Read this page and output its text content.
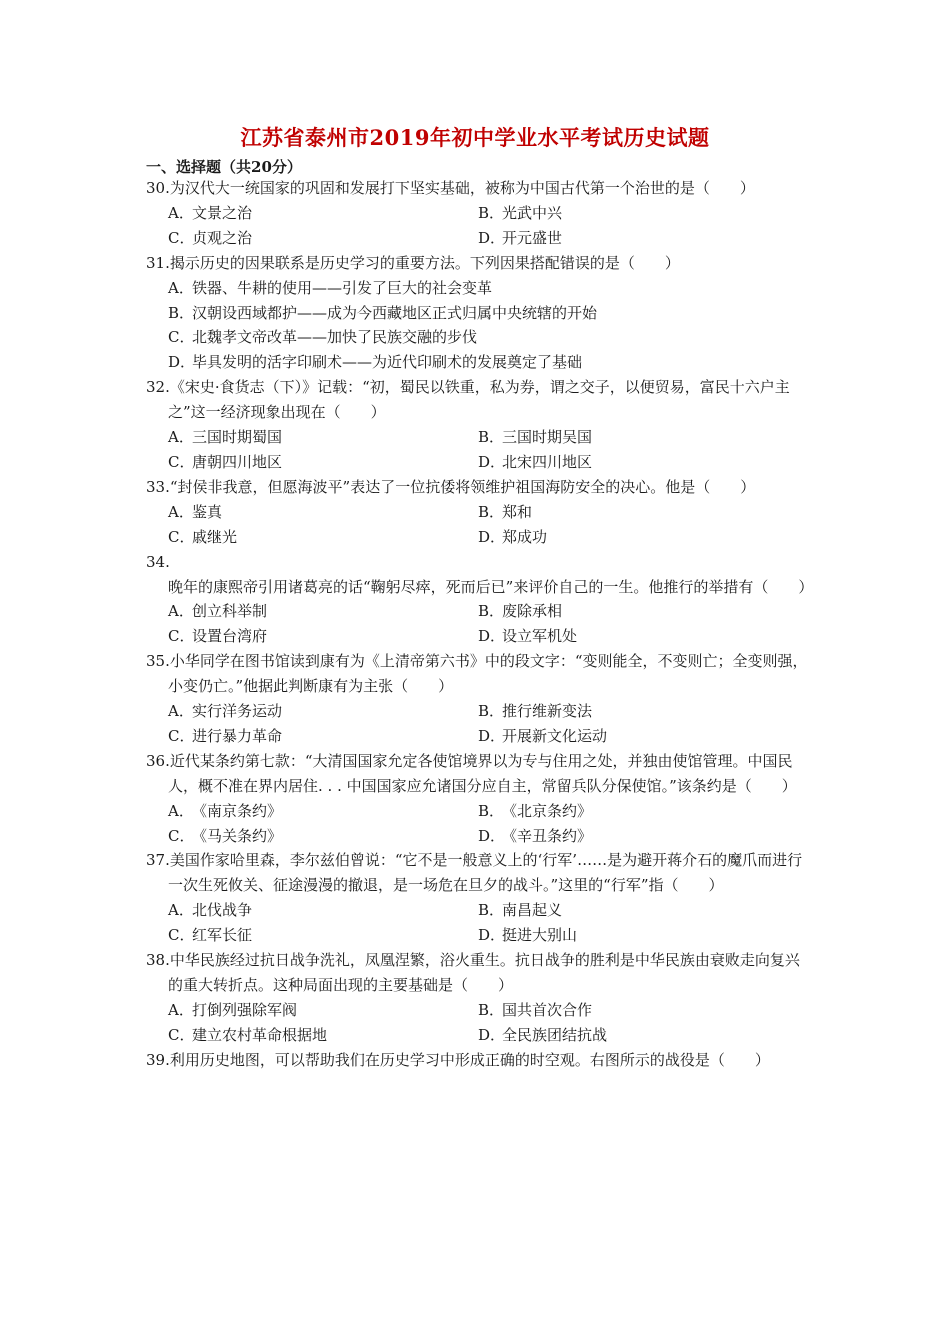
江苏省泰州市2019年初中学业水平考试历史试题
一、选择题（共20分）
30.为汉代大一统国家的巩固和发展打下坚实基础，被称为中国古代第一个治世的是（　　）
A．文景之治	B．光武中兴
C．贞观之治	D．开元盛世
31.揭示历史的因果联系是历史学习的重要方法。下列因果搭配错误的是（　　）
A．铁器、牛耕的使用——引发了巨大的社会变革
B．汉朝设西域都护——成为今西藏地区正式归属中央统辖的开始
C．北魏孝文帝改革——加快了民族交融的步伐
D．毕具发明的活字印刷术——为近代印刷术的发展奠定了基础
32.《宋史·食货志（下）》记载：“初，蜀民以铁重，私为券，谓之交子，以便贸易，富民十六户主之”这一经济现象出现在（　　）
A．三国时期蜀国	B．三国时期吴国
C．唐朝四川地区	D．北宋四川地区
33.“封侯非我意，但愿海波平”表达了一位抗倭将领维护祖国海防安全的决心。他是（　　）
A．鉴真	B．郑和
C．戚继光	D．郑成功
34.晚年的康熙帝引用诸葛亮的话“鞠躬尽瘁，死而后已”来评价自己的一生。他推行的举措有（　　）
A．创立科举制	B．废除承相
C．设置台湾府	D．设立军机处
35.小华同学在图书馆读到康有为《上清帝第六书》中的段文字：“变则能全，不变则亡；全变则强，小变仍亡。”他据此判断康有为主张（　　）
A．实行洋务运动	B．推行维新变法
C．进行暴力革命	D．开展新文化运动
36.近代某条约第七款：“大清国国家允定各使馆境界以为专与住用之处，并独由使馆管理。中国民人，概不准在界内居住. . . 中国国家应允诸国分应自主，常留兵队分保使馆。”该条约是（　　）
A．《南京条约》	B．《北京条约》
C．《马关条约》	D．《辛丑条约》
37.美国作家哈里森，李尔兹伯曾说：“它不是一般意义上的‘行军’……是为避开蒋介石的魔爪而进行一次生死攸关、征途漫漫的撤退，是一场危在旦夕的战斗。”这里的“行军”指（　　）
A．北伐战争	B．南昌起义
C．红军长征	D．挺进大别山
38.中华民族经过抗日战争洗礼，凤凰涅繁，浴火重生。抗日战争的胜利是中华民族由衰败走向复兴的重大转折点。这种局面出现的主要基础是（　　）
A．打倒列强除军阀	B．国共首次合作
C．建立农村革命根据地	D．全民族团结抗战
39.利用历史地图，可以帮助我们在历史学习中形成正确的时空观。右图所示的战役是（　　）
